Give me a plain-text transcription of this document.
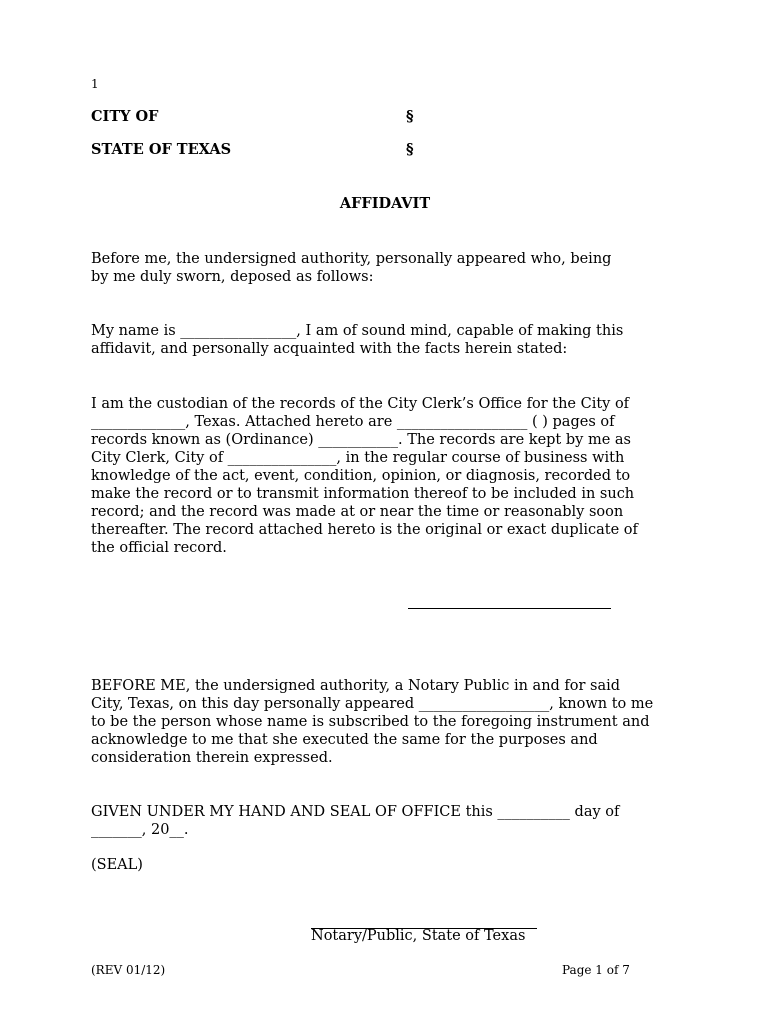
1
CITY OF	§
STATE OF TEXAS	§
AFFIDAVIT
Before me, the undersigned authority, personally appeared who, being
by me duly sworn, deposed as follows:
My name is ________________, I am of sound mind, capable of making this
affidavit, and personally acquainted with the facts herein stated:
I am the custodian of the records of the City Clerk’s Office for the City of
_____________, Texas. Attached hereto are __________________ ( ) pages of
records known as (Ordinance) ___________. The records are kept by me as
City Clerk, City of _______________, in the regular course of business with
knowledge of the act, event, condition, opinion, or diagnosis, recorded to
make the record or to transmit information thereof to be included in such
record; and the record was made at or near the time or reasonably soon
thereafter. The record attached hereto is the original or exact duplicate of
the official record.
BEFORE ME, the undersigned authority, a Notary Public in and for said
City, Texas, on this day personally appeared __________________, known to me
to be the person whose name is subscribed to the foregoing instrument and
acknowledge to me that she executed the same for the purposes and
consideration therein expressed.
GIVEN UNDER MY HAND AND SEAL OF OFFICE this __________ day of
_______, 20__.
(SEAL)
Notary/Public, State of Texas
(REV 01/12)	Page 1 of 7
